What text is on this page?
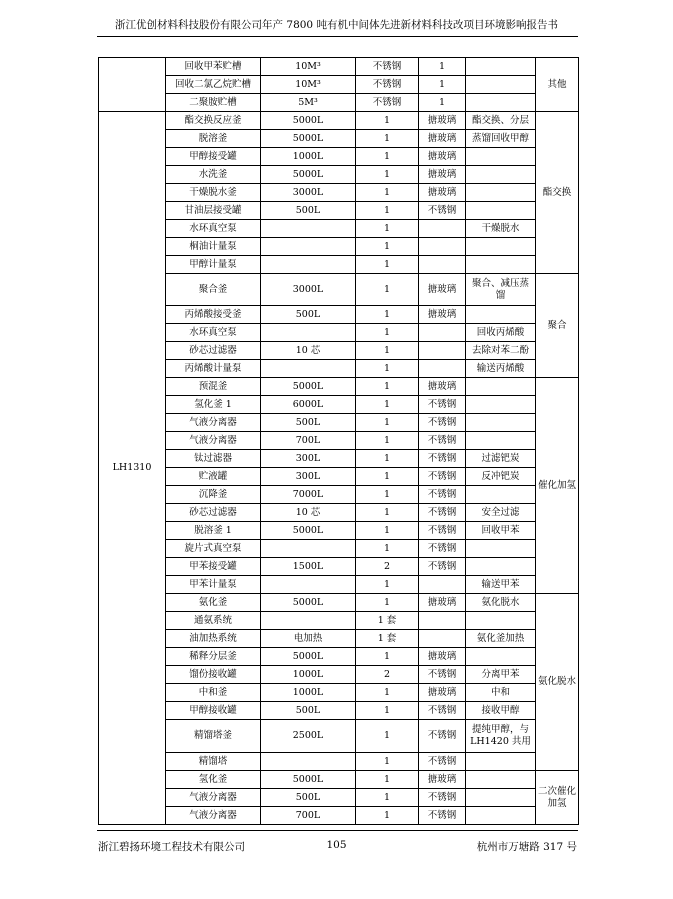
浙江优创材料科技股份有限公司年产 7800 吨有机中间体先进新材料科技改项目环境影响报告书
	回收甲苯贮槽	10M³	不锈钢	1		其他
	回收二氯乙烷贮槽	10M³	不锈钢	1		
	二聚胺贮槽	5M³	不锈钢	1		
LH1310	酯交换反应釜	5000L	1	搪玻璃	酯交换、分层	酯交换
	脱溶釜	5000L	1	搪玻璃	蒸馏回收甲醇	
	甲醇接受罐	1000L	1	搪玻璃		
	水洗釜	5000L	1	搪玻璃		
	干燥脱水釜	3000L	1	搪玻璃		
	甘油层接受罐	500L	1	不锈钢		
	水环真空泵		1		干燥脱水	
	桐油计量泵		1			
	甲醇计量泵		1			
	聚合釜	3000L	1	搪玻璃	聚合、减压蒸馏	聚合
	丙烯酸接受釜	500L	1	搪玻璃		
	水环真空泵		1		回收丙烯酸	
	砂芯过滤器	10 芯	1		去除对苯二酚	
	丙烯酸计量泵		1		输送丙烯酸	
	预混釜	5000L	1	搪玻璃		催化加氢
	氢化釜 1	6000L	1	不锈钢		
	气液分离器	500L	1	不锈钢		
	气液分离器	700L	1	不锈钢		
	钛过滤器	300L	1	不锈钢	过滤钯炭	
	贮液罐	300L	1	不锈钢	反冲钯炭	
	沉降釜	7000L	1	不锈钢		
	砂芯过滤器	10 芯	1	不锈钢	安全过滤	
	脱溶釜 1	5000L	1	不锈钢	回收甲苯	
	旋片式真空泵		1	不锈钢		
	甲苯接受罐	1500L	2	不锈钢		
	甲苯计量泵		1		输送甲苯	
	氨化釜	5000L	1	搪玻璃	氨化脱水	氨化脱水
	通氨系统		1 套			
	油加热系统	电加热	1 套		氨化釜加热	
	稀释分层釜	5000L	1	搪玻璃		
	馏份接收罐	1000L	2	不锈钢	分离甲苯	
	中和釜	1000L	1	搪玻璃	中和	
	甲醇接收罐	500L	1	不锈钢	接收甲醇	
	精馏塔釜	2500L	1	不锈钢	提纯甲醇，与 LH1420 共用	
	精馏塔		1	不锈钢		
	氢化釜	5000L	1	搪玻璃		二次催化加氢
	气液分离器	500L	1	不锈钢		
	气液分离器	700L	1	不锈钢		
浙江碧扬环境工程技术有限公司	105	杭州市万塘路 317 号
